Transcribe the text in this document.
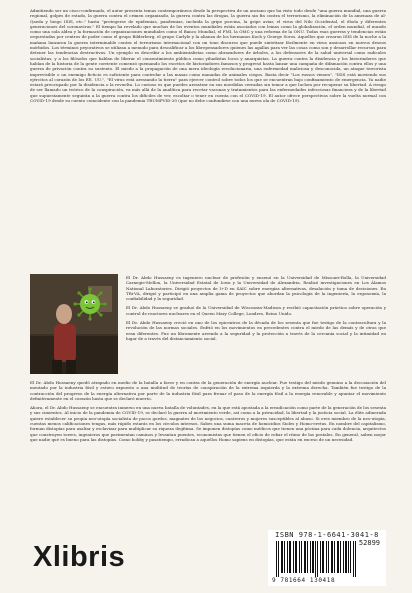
Admitiendo ser un cisco-confirmado, el autor presenta temas contemporáneos desde la perspectiva de un anciano que ha visto todo desde "una guerra mundial, una guerra regional, golpes de estado, la guerra contra el crimen organizado, la guerra contra las drogas, la guerra sin fin contra el terrorismo, la eliminación de la amenaza de al-Qaeda y luego ISIS, etc." hasta "protegerse de epidemias, pandemias, incluida la gripe porcina, la gripe aviar, el virus del Nilo Occidental, el ébola y diferentes generaciones del coronavirus." El tiempo ha revelado que muchos de los eventos mundiales están asociados con lemas como la globalización, el orden mundial, el mundo como una sola aldea y la formación de organizaciones mundiales como el Banco Mundial, el FMI, la OMC y una reforma de la ONU. Todas esas guerras y tendencias están orquestadas por centros de poder como el grupo Bilderberg, el grupo Carlyle y la alianza de los hermanos Koch y George Soros. Aquellos que crearon ISIS de la noche a la mañana lanzaron la guerra interminable contra el terrorismo internacional con un tono discurso que puede sintetizar fácilmente en virus ansiosos en nuevos deseos mórbidos. Los términos peyorativos se utilizan a menudo para descalificar a los librepensadores quienes las agallas para ver las cosas como son y desarrollar recursos para detener las tendencias destructivas. Un ejemplo es describir a los ambientalistas como abrazadores de árboles, a los defensores de la salud universal como radicales socialistas, y a los filósofos que hablan de liberar el consentimiento pública como yihadistas locos y anarquistas. La guerra contra la disidencia y los historiadores que hablan de la historia de la gente corriente comenzó quemando los escritos de historiadores famosos y progresó hasta lanzar una campaña de difamación contra ellos y una guerra de privación contra su sustento. El miedo a la propagación de una mera ideología revolucionaria, una enfermedad maliciosa y desconocida, un ataque terrorista imprevisible o un enemigo ficticio es suficiente para controlar a las masas como manadas de animales ciegos. Basta decir "Los russos vienen", "ISIS está moviendo sus ejércitos al corazón de los EE. UU.", "El virus está arrasando la tierra" para ejercer control sobre todos los que se encuentran bajo confinamiento de emergencia. Ya nadie estará preocupado por la disidencia o la revuelta. Lo curioso es que puedes arrastrar en sus mordidas cerradas sin temor a que luchen por recuperar su libertad. A riesgo de ser llamado un teórico de la conspiración, va más allá de la analítica para recetar vacunas y tratamientos para las enfermedades infecciosas financiera y de la libertad que supuestamente seguirán a la guerra contra los difíciles de ver, escoltar o tener en cuenta con el COVID-19. El autor ofrece perspectivas sobre la vuelta normal con COVID-19 desde su cuento coincidente con la pandemia TRUMPVID-20 (que no debe confundirse con una nueva ola de COVID-19).

El Dr. Abdo Hussaeny es ingeniero nuclear de profesión y ensenó en la Universidad de Missouri-Rolla, la Universidad Carnegie-Mellon, la Universidad Estatal de Iowa y la Universidad de Alexandria. Realizó investigaciones en Los Álamos National Laboratories. Dirigió proyectos de I+D en SAIC sobre energías alternativas, desalación y toma de decisiones. En TRi-VA, dirigió y participó en una amplia gama de proyectos que abordan la psicología de la ingeniería, la ergonomía, la confiabilidad y la seguridad.

El Dr. Abdo Hussaeny se graduó de la Universidad de Wisconsin-Madison y recibió capacitación práctica sobre operación y control de reactores nucleares en el Queen Mary College, Londres, Reino Unido.

El Dr. Abdo Hussaeny creció en uno de los epicentros de la década de los sesenta que fue testigo de la contracultura y la revolución de las normas sociales. Enfrió en los movimientos en precedentes contra el miedo de las demás y de otras que eran diferentes. Fue un libremente arrendo a la seguridad y la protección a través de la cercanía social y la intimidad en lugar de a través del distanciamiento social.

El Dr. Abdo Hussaeny quedó atrapado en medio de la batalla a favor y en contra de la generación de energía nuclear. Fue testigo del miedo genuino a la decosiación del mentado por la industria fósil y estuvo expuesto a una multitud de teorías de conspiración de la extrema izquierda y la extrema derecha. También fue testigo de la contracción del progreso de la energía alternativa por parte de la industria fósil para frenar el paso de la energía fósil a la energía renovable y apuntar el movimiento definitivamente en el corazón hasta que se declaró muerto.

Ahora, el Dr. Abdo Hussaeny se encuentra inmerso en una nueva batalla de voluntades, en la que está apostada a la erradicación como parte de la generación de los sesenta y sus cimientos. Al inicio de la pandemia de COVID-19, se declaró la guerra al movimiento verde, así como a la privacidad, la libertad y la justicia social. La élite adinerada quiere establecer su propia neo-utopía socialista de pocos gordos, magnates de los negocios, cuatreros y mujeres susceptibles al abuso. Si eres miembro de la neo-utopía, cuentas menos calificaciones tengas, más rápido estarás en los círculos internos. Sabes una suma maceta de homicidios Sioles y Homo-eretus. En nombre del capitalismo, forman distopías para asaltar y esclavizar para multiplicar su riqueza ilegítima. Se imponen distopías como médicos que tienen una pócima para cada dolencia, arquitectos que construyen torres, ingenieros que pavimentan caminos y levantan puentes, economistas que tienen el oficio de robar el ritmo de las postales. En general, saben mejor que nadie qué es bueno para las distopías. Como hobby y pasatiempo, erradican a aquellos Homo sapiens en distopías, que están en exceso de un necesidad.

Xlibris
ISBN 978-1-6641-3041-8
52899
9 781664 130418
